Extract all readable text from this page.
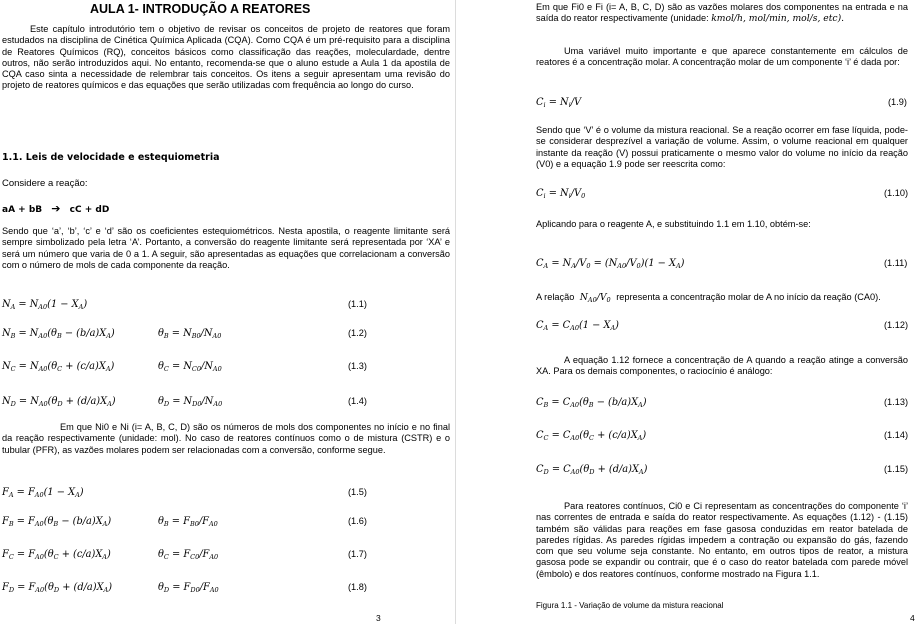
AULA 1- INTRODUÇÃO A REATORES
Este capítulo introdutório tem o objetivo de revisar os conceitos de projeto de reatores que foram estudados na disciplina de Cinética Química Aplicada (CQA). Como CQA é um pré-requisito para a disciplina de Reatores Químicos (RQ), conceitos básicos como classificação das reações, moleculardade, dentre outros, não serão introduzidos aqui. No entanto, recomenda-se que o aluno estude a Aula 1 da apostila de CQA caso sinta a necessidade de relembrar tais conceitos. Os itens a seguir apresentam uma revisão do projeto de reatores químicos e das equações que serão utilizadas com frequência ao longo do curso.
1.1. Leis de velocidade e estequiometria
Considere a reação:
aA + bB ➔ cC + dD
Sendo que ‘a’, ‘b’, ‘c’ e ‘d’ são os coeficientes estequiométricos. Nesta apostila, o reagente limitante será sempre simbolizado pela letra ‘A’. Portanto, a conversão do reagente limitante será representada por ‘XA’ e será um número que varia de 0 a 1. A seguir, são apresentadas as equações que correlacionam a conversão com o número de mols de cada componente da reação.
$N_A = N_{A0}(1 - X_A)$	(1.1)
$N_B = N_{A0}(\theta_B - (b/a)X_A)$	$\theta_B = N_{B0}/N_{A0}$	(1.2)
$N_C = N_{A0}(\theta_C + (c/a)X_A)$	$\theta_C = N_{C0}/N_{A0}$	(1.3)
$N_D = N_{A0}(\theta_D + (d/a)X_A)$	$\theta_D = N_{D0}/N_{A0}$	(1.4)
Em que Ni0 e Ni (i= A, B, C, D) são os números de mols dos componentes no início e no final da reação respectivamente (unidade: mol). No caso de reatores contínuos como o de mistura (CSTR) e o tubular (PFR), as vazões molares podem ser relacionadas com a conversão, conforme segue.
$F_A = F_{A0}(1 - X_A)$	(1.5)
$F_B = F_{A0}(\theta_B - (b/a)X_A)$	$\theta_B = F_{B0}/F_{A0}$	(1.6)
$F_C = F_{A0}(\theta_C + (c/a)X_A)$	$\theta_C = F_{C0}/F_{A0}$	(1.7)
$F_D = F_{A0}(\theta_D + (d/a)X_A)$	$\theta_D = F_{D0}/F_{A0}$	(1.8)
3
Em que Fi0 e Fi (i= A, B, C, D) são as vazões molares dos componentes na entrada e na saída do reator respectivamente (unidade: kmol/h, mol/min, mol/s, etc).
Uma variável muito importante e que aparece constantemente em cálculos de reatores é a concentração molar. A concentração molar de um componente ‘i’ é dada por:
$C_i = N_i/V$	(1.9)
Sendo que ‘V’ é o volume da mistura reacional. Se a reação ocorrer em fase líquida, pode-se considerar desprezível a variação de volume. Assim, o volume reacional em qualquer instante da reação (V) possui praticamente o mesmo valor do volume no início da reação (V0) e a equação 1.9 pode ser reescrita como:
$C_i = N_i/V_0$	(1.10)
Aplicando para o reagente A, e substituindo 1.1 em 1.10, obtém-se:
$C_A = N_A/V_0 = (N_{A0}/V_0)(1 - X_A)$	(1.11)
A relação $N_{A0}/V_0$ representa a concentração molar de A no início da reação (CA0).
$C_A = C_{A0}(1 - X_A)$	(1.12)
A equação 1.12 fornece a concentração de A quando a reação atinge a conversão XA. Para os demais componentes, o raciocínio é análogo:
$C_B = C_{A0}(\theta_B - (b/a)X_A)$	(1.13)
$C_C = C_{A0}(\theta_C + (c/a)X_A)$	(1.14)
$C_D = C_{A0}(\theta_D + (d/a)X_A)$	(1.15)
Para reatores contínuos, Ci0 e Ci representam as concentrações do componente ‘i’ nas correntes de entrada e saída do reator respectivamente. As equações (1.12) - (1.15) também são válidas para reações em fase gasosa conduzidas em reator batelada de paredes rígidas. As paredes rígidas impedem a contração ou expansão do gás, fazendo com que seu volume seja constante. No entanto, em outros tipos de reator, a mistura gasosa pode se expandir ou contrair, que é o caso do reator batelada com parede móvel (êmbolo) e dos reatores contínuos, conforme mostrado na Figura 1.1.
Figura 1.1 - Variação de volume da mistura reacional
4
